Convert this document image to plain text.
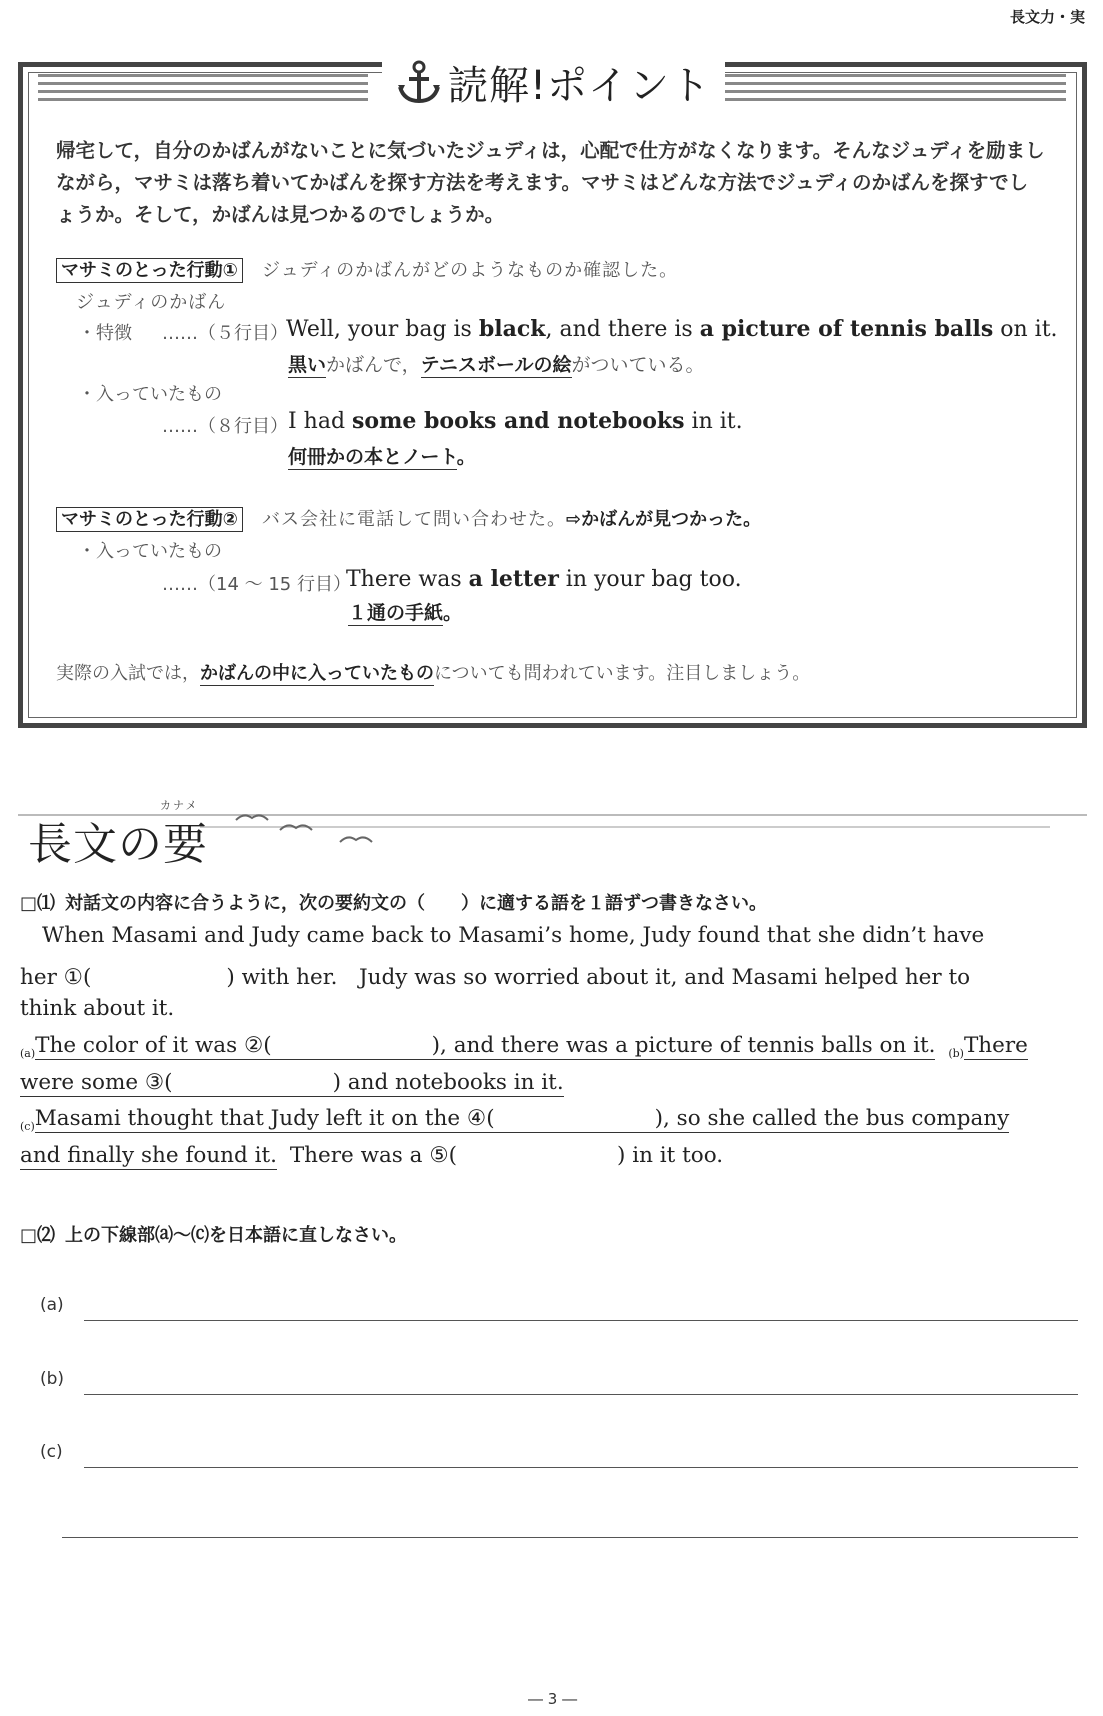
長文力・実
読解!ポイント
帰宅して，自分のかばんがないことに気づいたジュディは，心配で仕方がなくなります。そんなジュディを励ましながら，マサミは落ち着いてかばんを探す方法を考えます。マサミはどんな方法でジュディのかばんを探すでしょうか。そして，かばんは見つかるのでしょうか。
マサミのとった行動① ジュディのかばんがどのようなものか確認した。
ジュディのかばん
・特徴 ……（５行目）
Well, your bag is black, and there is a picture of tennis balls on it.
黒いかばんで，テニスボールの絵がついている。
・入っていたもの
……（８行目） I had some books and notebooks in it.
何冊かの本とノート。
マサミのとった行動② バス会社に電話して問い合わせた。⇨かばんが見つかった。
・入っていたもの
……（14 ～ 15 行目）
There was a letter in your bag too.
１通の手紙。
実際の入試では，かばんの中に入っていたものについても問われています。注目しましょう。
カナメ
長文の要
□⑴ 対話文の内容に合うように，次の要約文の（　　）に適する語を１語ずつ書きなさい。
When Masami and Judy came back to Masami’s home, Judy found that she didn’t have
her ①(	) with her.　Judy was so worried about it, and Masami helped her to
think about it.
$_{(a)}$The color of it was ②(	), and there was a picture of tennis balls on it. $_{(b)}$There
were some ③(	) and notebooks in it.
$_{(c)}$Masami thought that Judy left it on the ④(	), so she called the bus company
and finally she found it. There was a ⑤(	) in it too.
□⑵ 上の下線部⒜～⒞を日本語に直しなさい。
(a)
(b)
(c)
― 3 ―
